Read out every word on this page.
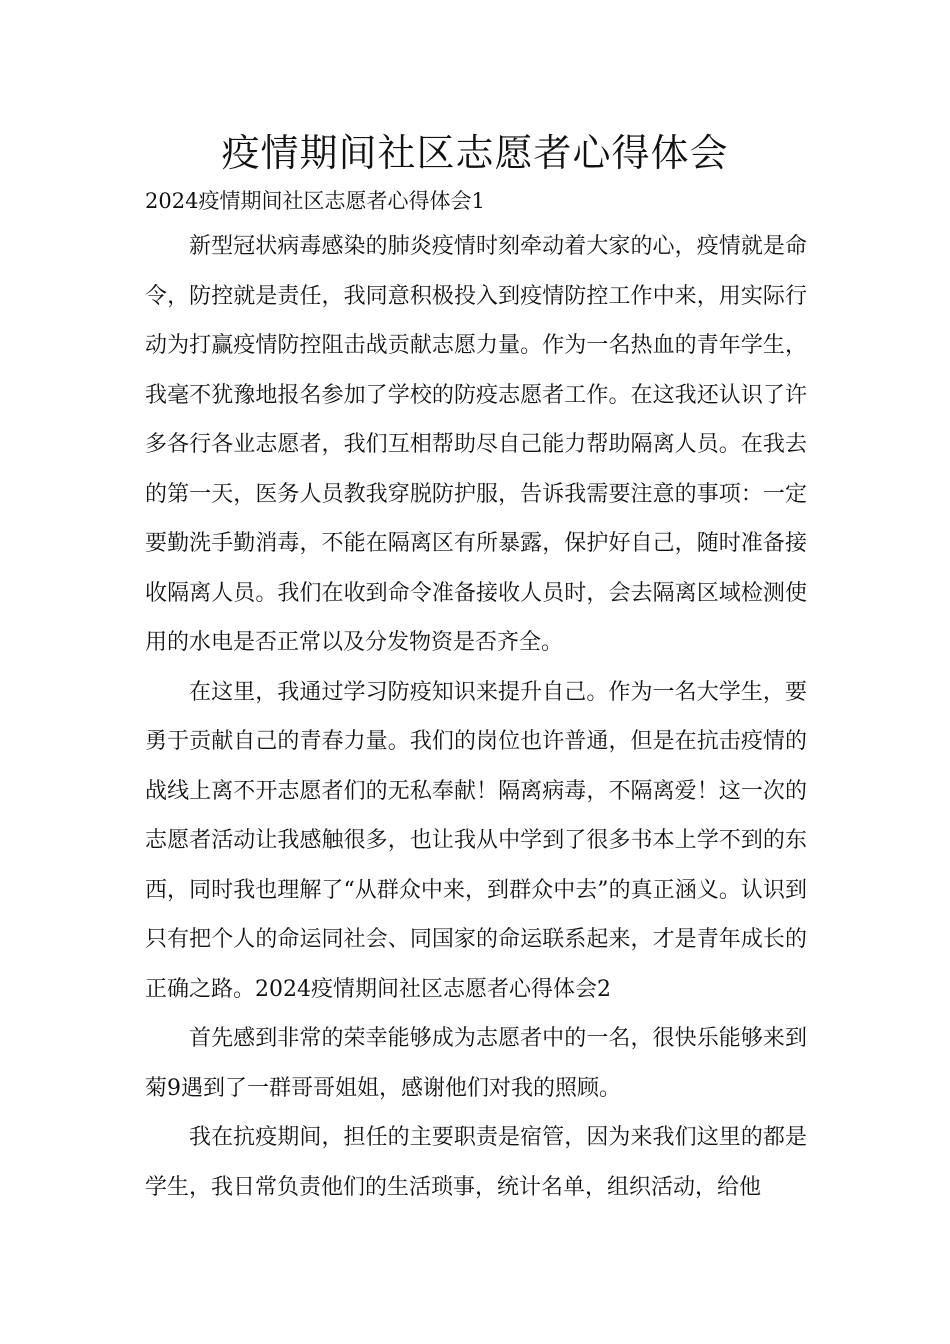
疫情期间社区志愿者心得体会

2024疫情期间社区志愿者心得体会1

新型冠状病毒感染的肺炎疫情时刻牵动着大家的心，疫情就是命令，防控就是责任，我同意积极投入到疫情防控工作中来，用实际行动为打赢疫情防控阻击战贡献志愿力量。作为一名热血的青年学生，我毫不犹豫地报名参加了学校的防疫志愿者工作。在这我还认识了许多各行各业志愿者，我们互相帮助尽自己能力帮助隔离人员。在我去的第一天，医务人员教我穿脱防护服，告诉我需要注意的事项：一定要勤洗手勤消毒，不能在隔离区有所暴露，保护好自己，随时准备接收隔离人员。我们在收到命令准备接收人员时，会去隔离区域检测使用的水电是否正常以及分发物资是否齐全。

在这里，我通过学习防疫知识来提升自己。作为一名大学生，要勇于贡献自己的青春力量。我们的岗位也许普通，但是在抗击疫情的战线上离不开志愿者们的无私奉献！隔离病毒，不隔离爱！这一次的志愿者活动让我感触很多，也让我从中学到了很多书本上学不到的东西，同时我也理解了“从群众中来，到群众中去”的真正涵义。认识到只有把个人的命运同社会、同国家的命运联系起来，才是青年成长的正确之路。2024疫情期间社区志愿者心得体会2

首先感到非常的荣幸能够成为志愿者中的一名，很快乐能够来到菊9遇到了一群哥哥姐姐，感谢他们对我的照顾。

我在抗疫期间，担任的主要职责是宿管，因为来我们这里的都是学生，我日常负责他们的生活琐事，统计名单，组织活动，给他
